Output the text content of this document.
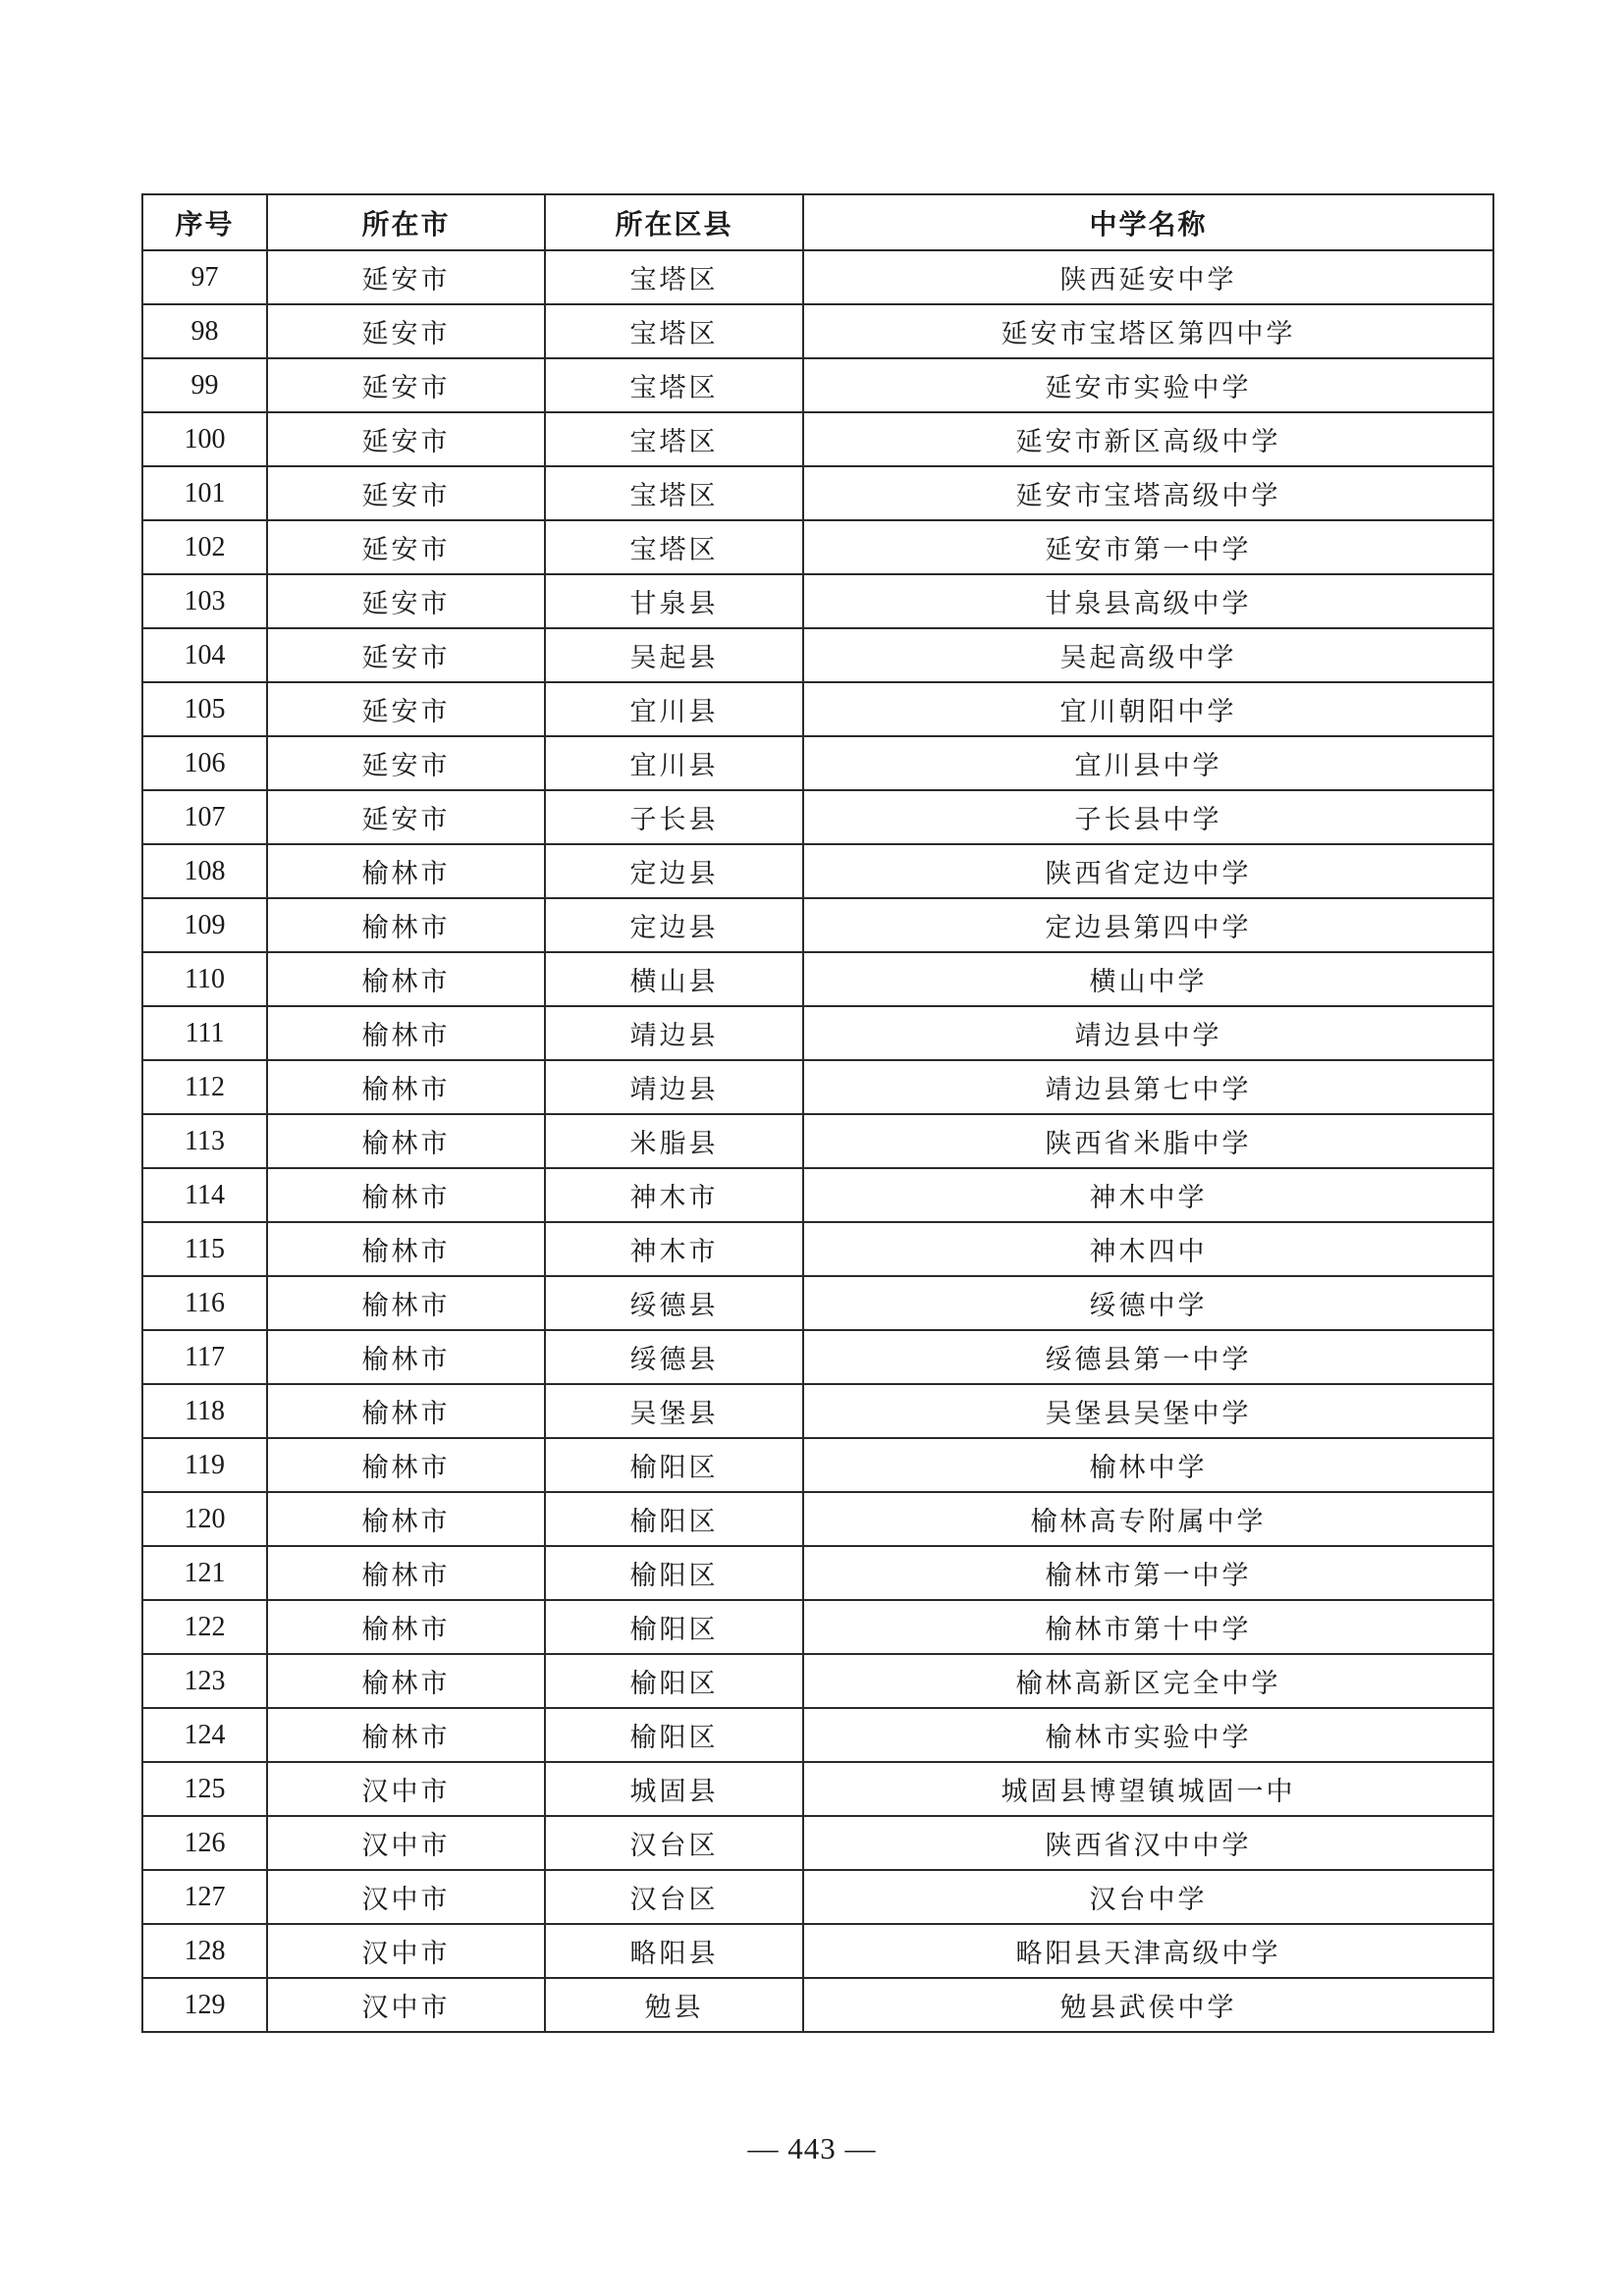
序号	所在市	所在区县	中学名称
97	延安市	宝塔区	陕西延安中学
98	延安市	宝塔区	延安市宝塔区第四中学
99	延安市	宝塔区	延安市实验中学
100	延安市	宝塔区	延安市新区高级中学
101	延安市	宝塔区	延安市宝塔高级中学
102	延安市	宝塔区	延安市第一中学
103	延安市	甘泉县	甘泉县高级中学
104	延安市	吴起县	吴起高级中学
105	延安市	宜川县	宜川朝阳中学
106	延安市	宜川县	宜川县中学
107	延安市	子长县	子长县中学
108	榆林市	定边县	陕西省定边中学
109	榆林市	定边县	定边县第四中学
110	榆林市	横山县	横山中学
111	榆林市	靖边县	靖边县中学
112	榆林市	靖边县	靖边县第七中学
113	榆林市	米脂县	陕西省米脂中学
114	榆林市	神木市	神木中学
115	榆林市	神木市	神木四中
116	榆林市	绥德县	绥德中学
117	榆林市	绥德县	绥德县第一中学
118	榆林市	吴堡县	吴堡县吴堡中学
119	榆林市	榆阳区	榆林中学
120	榆林市	榆阳区	榆林高专附属中学
121	榆林市	榆阳区	榆林市第一中学
122	榆林市	榆阳区	榆林市第十中学
123	榆林市	榆阳区	榆林高新区完全中学
124	榆林市	榆阳区	榆林市实验中学
125	汉中市	城固县	城固县博望镇城固一中
126	汉中市	汉台区	陕西省汉中中学
127	汉中市	汉台区	汉台中学
128	汉中市	略阳县	略阳县天津高级中学
129	汉中市	勉县	勉县武侯中学
— 443 —
